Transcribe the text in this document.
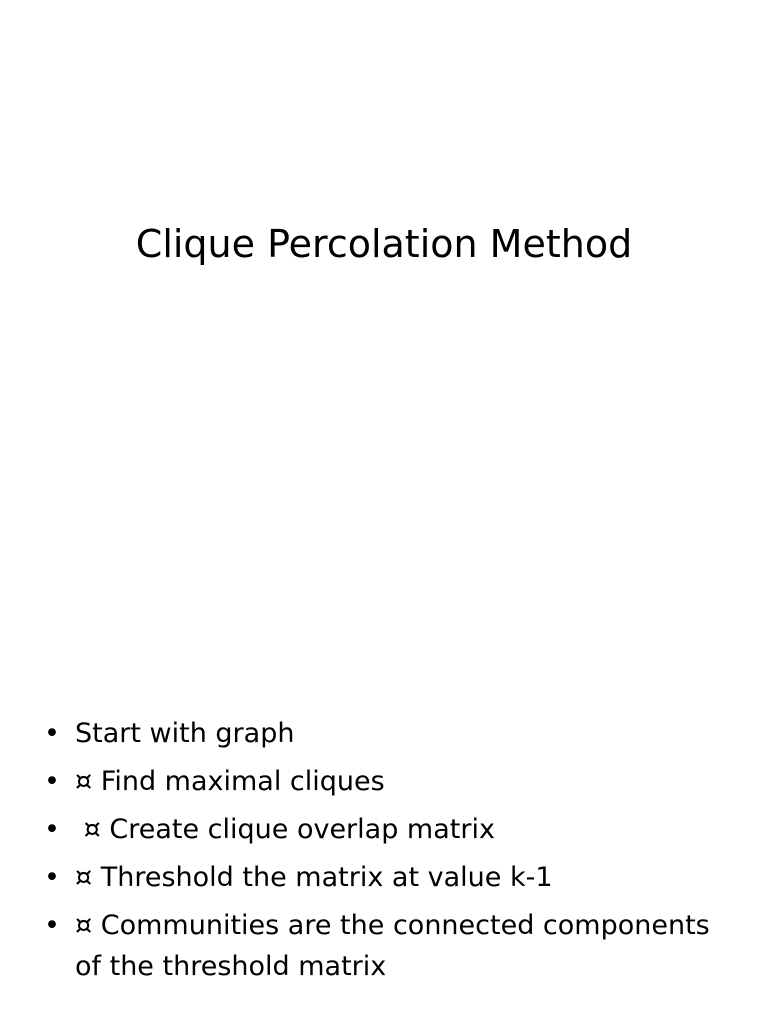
Clique Percolation Method
• Start with graph
• ¤ Find maximal cliques
• ¤ Create clique overlap matrix
• ¤ Threshold the matrix at value k-1
• ¤ Communities are the connected components of the threshold matrix
